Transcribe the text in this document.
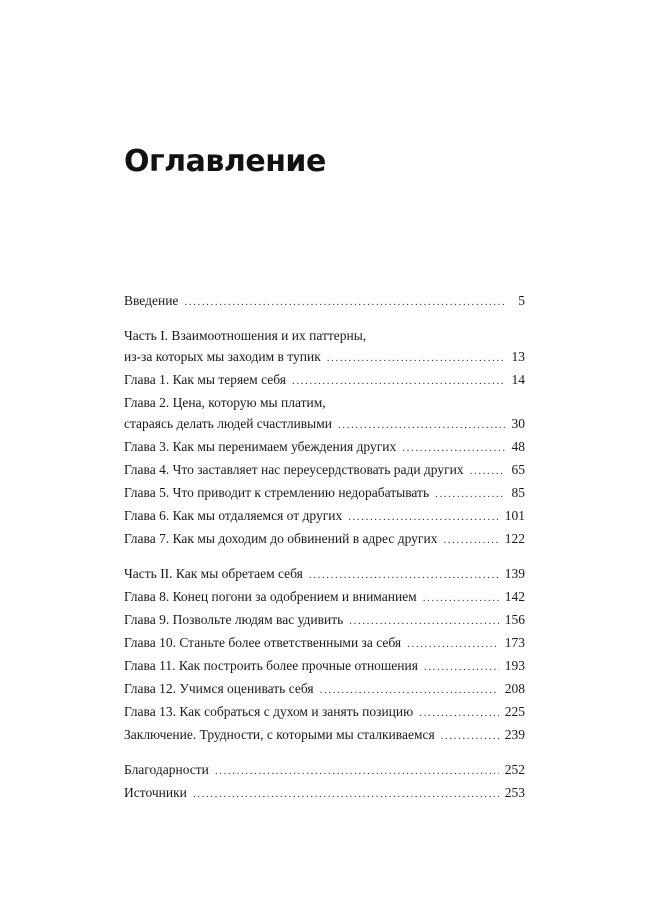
Оглавление
Введение .....	5
Часть I. Взаимоотношения и их паттерны,
из-за которых мы заходим в тупик .....	13
Глава 1. Как мы теряем себя .....	14
Глава 2. Цена, которую мы платим,
стараясь делать людей счастливыми .....	30
Глава 3. Как мы перенимаем убеждения других .....	48
Глава 4. Что заставляет нас переусердствовать ради других .....	65
Глава 5. Что приводит к стремлению недорабатывать .....	85
Глава 6. Как мы отдаляемся от других .....	101
Глава 7. Как мы доходим до обвинений в адрес других .....	122
Часть II. Как мы обретаем себя .....	139
Глава 8. Конец погони за одобрением и вниманием .....	142
Глава 9. Позвольте людям вас удивить .....	156
Глава 10. Станьте более ответственными за себя .....	173
Глава 11. Как построить более прочные отношения .....	193
Глава 12. Учимся оценивать себя .....	208
Глава 13. Как собраться с духом и занять позицию .....	225
Заключение. Трудности, с которыми мы сталкиваемся .....	239
Благодарности .....	252
Источники .....	253
